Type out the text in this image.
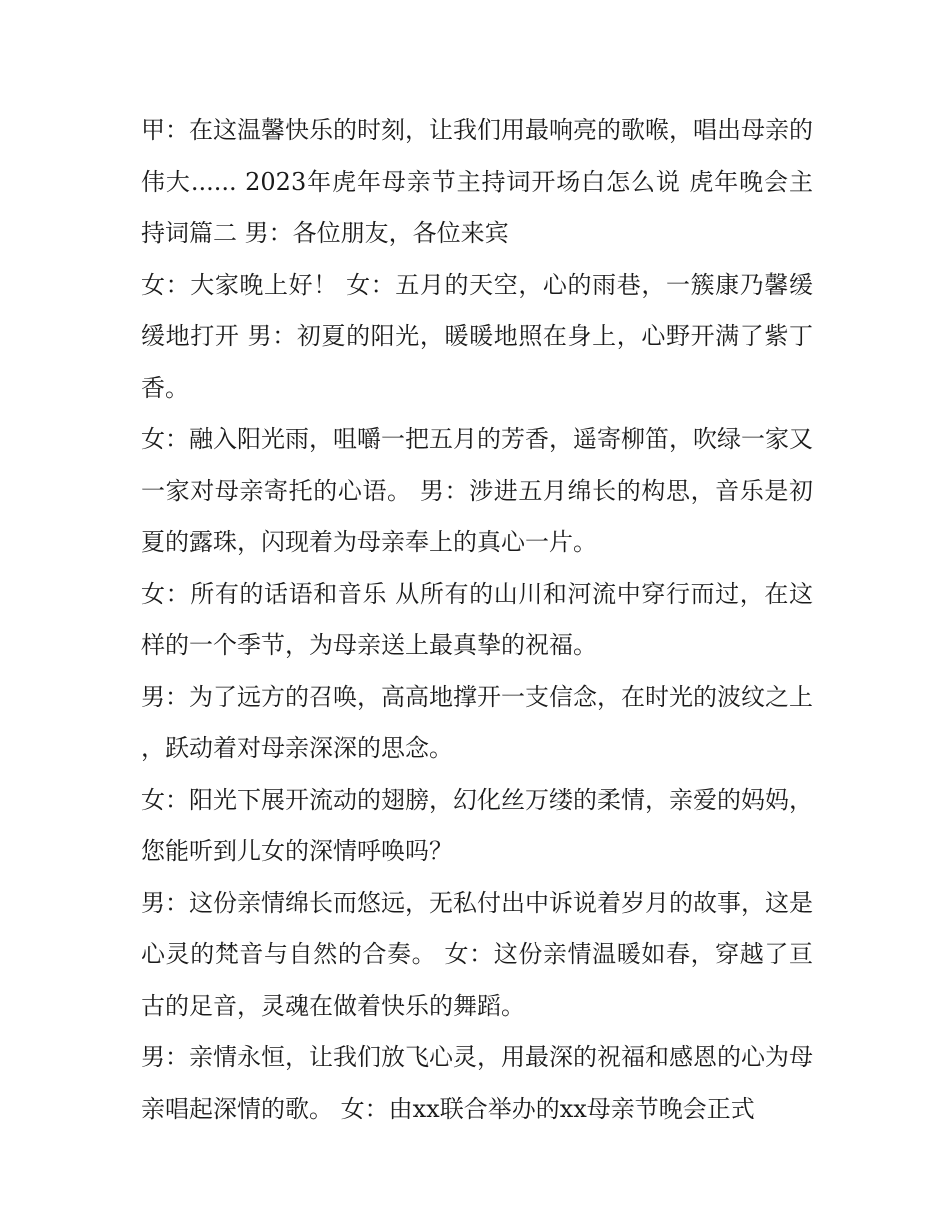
甲：在这温馨快乐的时刻，让我们用最响亮的歌喉，唱出母亲的伟大...... 2023年虎年母亲节主持词开场白怎么说 虎年晚会主持词篇二 男：各位朋友，各位来宾

女：大家晚上好！ 女：五月的天空，心的雨巷，一簇康乃馨缓缓地打开 男：初夏的阳光，暖暖地照在身上，心野开满了紫丁香。

女：融入阳光雨，咀嚼一把五月的芳香，遥寄柳笛，吹绿一家又一家对母亲寄托的心语。 男：涉进五月绵长的构思，音乐是初夏的露珠，闪现着为母亲奉上的真心一片。

女：所有的话语和音乐 从所有的山川和河流中穿行而过，在这样的一个季节，为母亲送上最真挚的祝福。

男：为了远方的召唤，高高地撑开一支信念，在时光的波纹之上，跃动着对母亲深深的思念。

女：阳光下展开流动的翅膀，幻化丝万缕的柔情，亲爱的妈妈，您能听到儿女的深情呼唤吗？

男：这份亲情绵长而悠远，无私付出中诉说着岁月的故事，这是心灵的梵音与自然的合奏。 女：这份亲情温暖如春，穿越了亘古的足音，灵魂在做着快乐的舞蹈。

男：亲情永恒，让我们放飞心灵，用最深的祝福和感恩的心为母亲唱起深情的歌。 女：由xx联合举办的xx母亲节晚会正式
